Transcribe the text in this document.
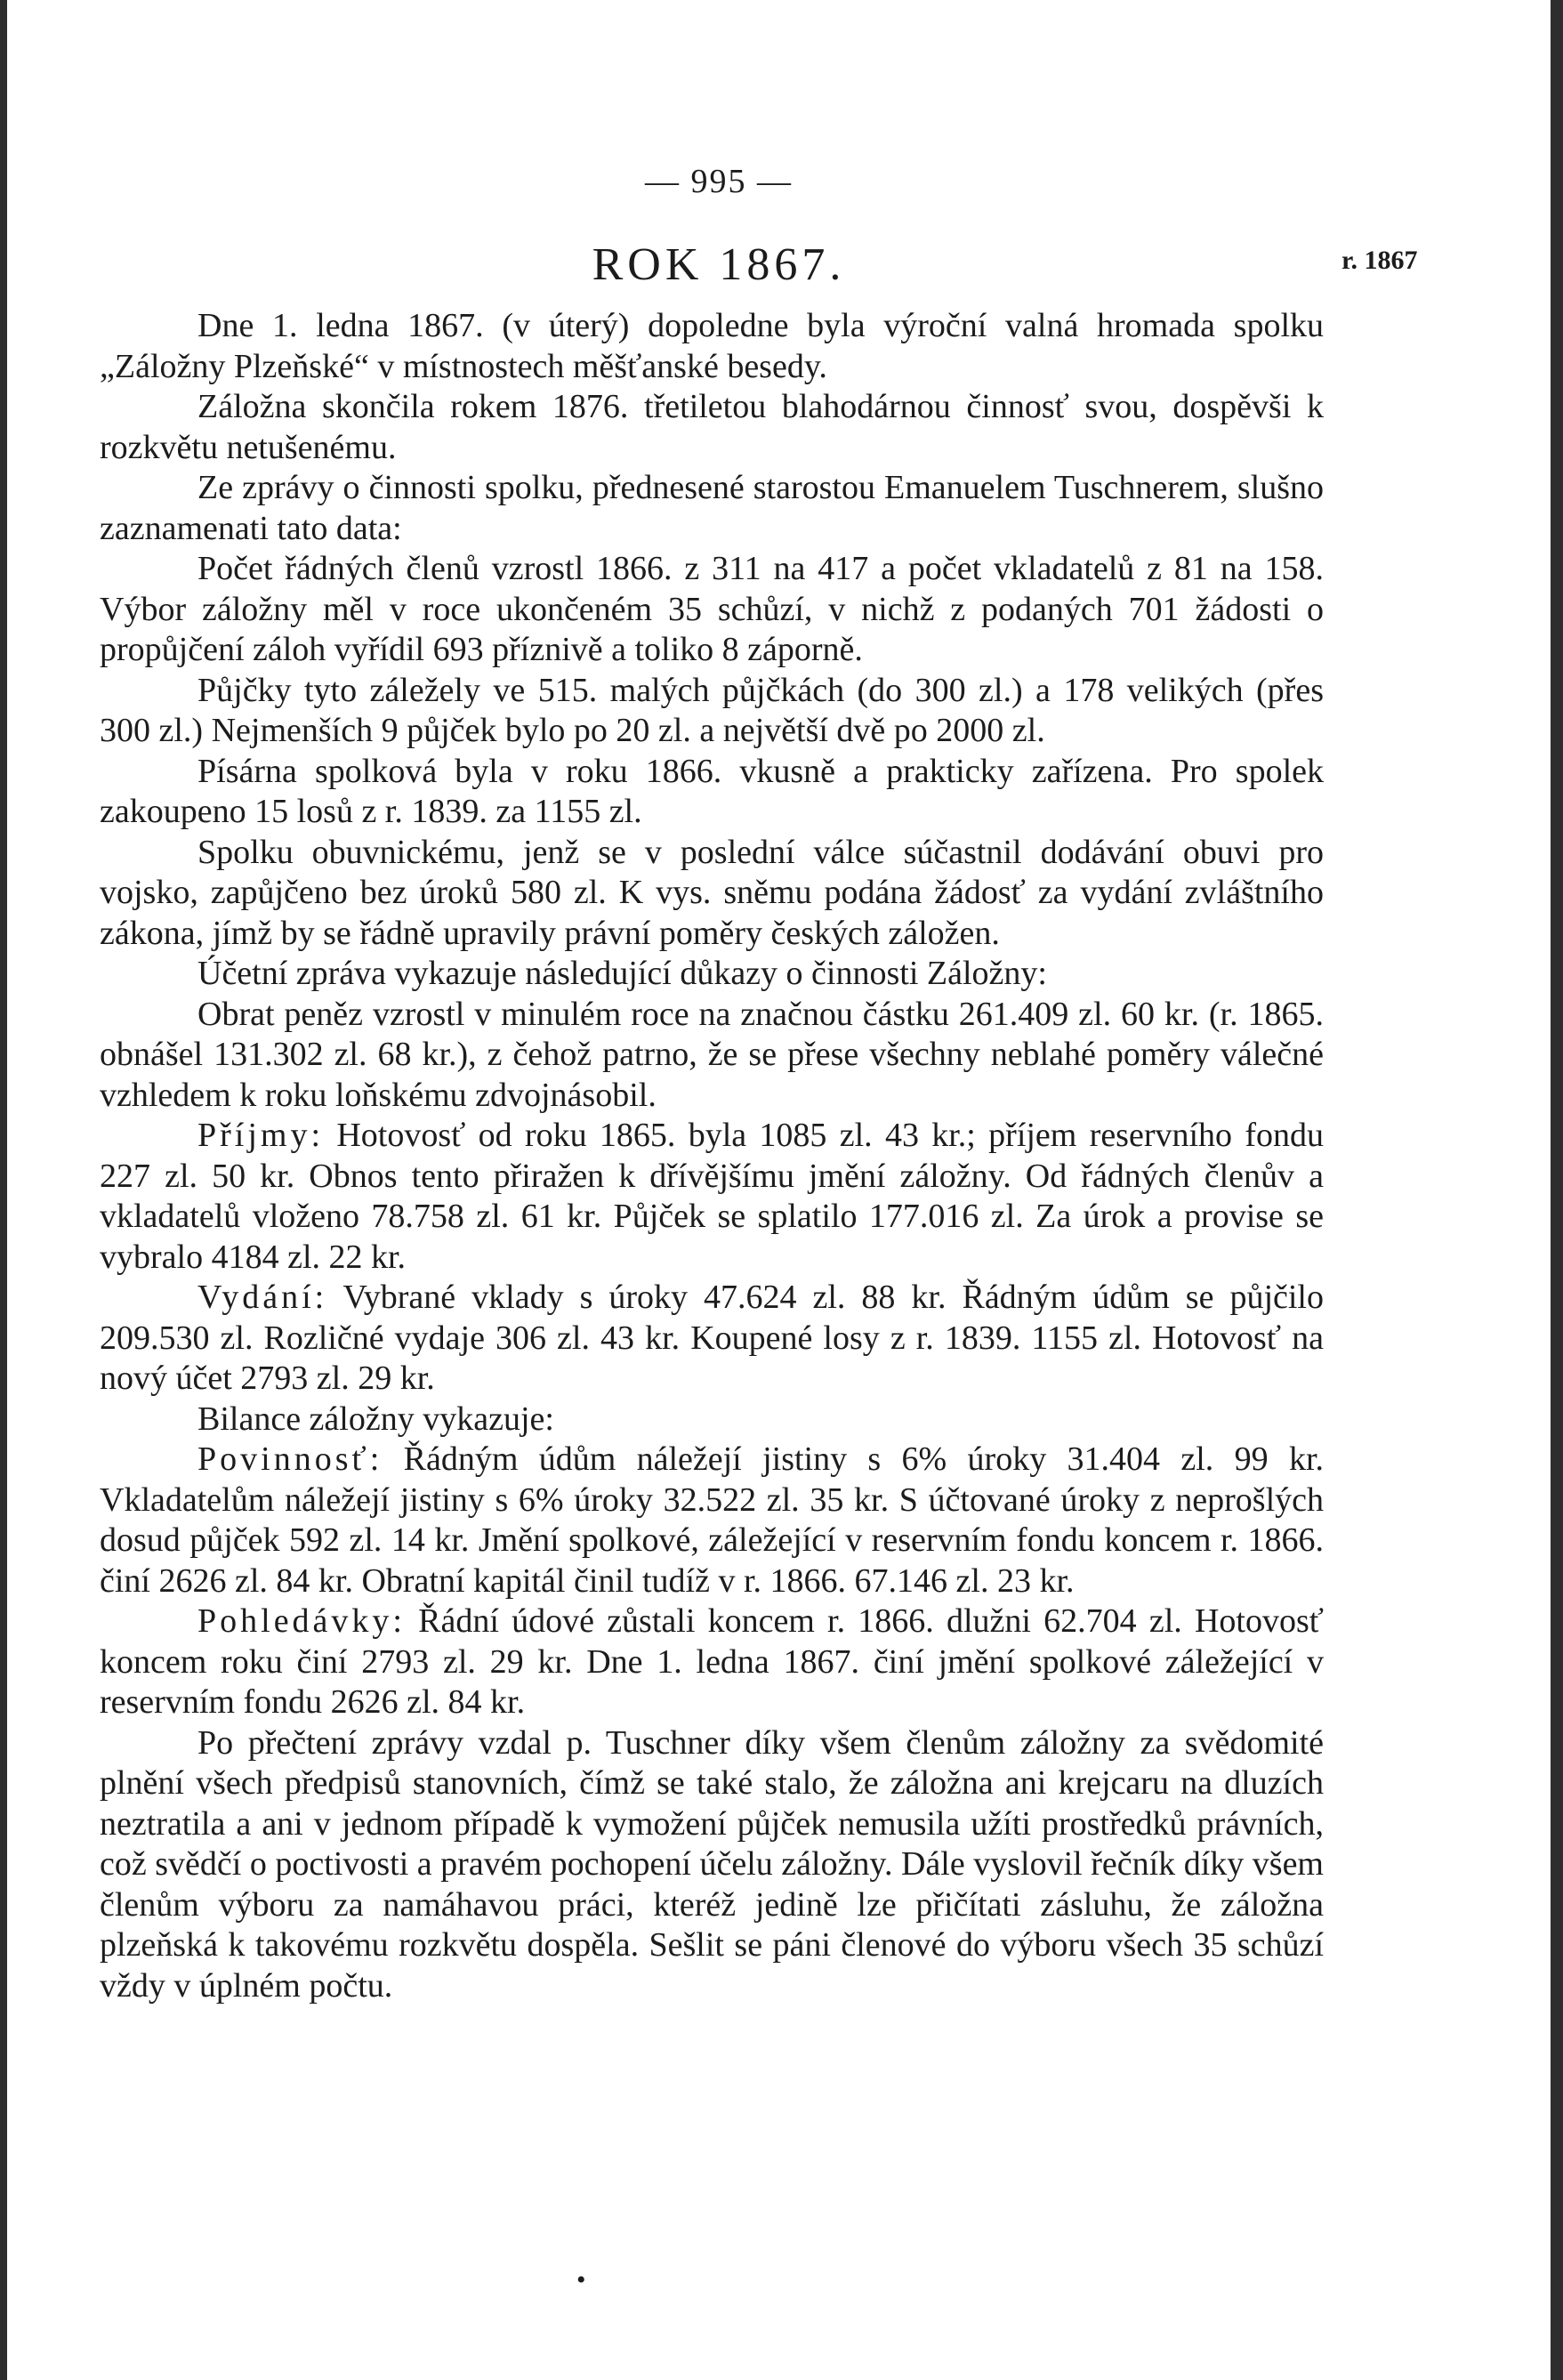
— 995 —
ROK 1867.	r. 1867

Dne 1. ledna 1867. (v úterý) dopoledne byla výroční valná hromada spolku „Záložny Plzeňské“ v místnostech měšťanské besedy.

Záložna skončila rokem 1876. třetiletou blahodárnou činnosť svou, dospěvši k rozkvětu netušenému.

Ze zprávy o činnosti spolku, přednesené starostou Emanuelem Tuschnerem, slušno zaznamenati tato data:

Počet řádných členů vzrostl 1866. z 311 na 417 a počet vkladatelů z 81 na 158. Výbor záložny měl v roce ukončeném 35 schůzí, v nichž z podaných 701 žádosti o propůjčení záloh vyřídil 693 příznivě a toliko 8 záporně.

Půjčky tyto záležely ve 515. malých půjčkách (do 300 zl.) a 178 velikých (přes 300 zl.) Nejmenších 9 půjček bylo po 20 zl. a největší dvě po 2000 zl.

Písárna spolková byla v roku 1866. vkusně a prakticky zařízena. Pro spolek zakoupeno 15 losů z r. 1839. za 1155 zl.

Spolku obuvnickému, jenž se v poslední válce súčastnil dodávání obuvi pro vojsko, zapůjčeno bez úroků 580 zl. K vys. sněmu podána žádosť za vydání zvláštního zákona, jímž by se řádně upravily právní poměry českých záložen.

Účetní zpráva vykazuje následující důkazy o činnosti Záložny:

Obrat peněz vzrostl v minulém roce na značnou částku 261.409 zl. 60 kr. (r. 1865. obnášel 131.302 zl. 68 kr.), z čehož patrno, že se přese všechny neblahé poměry válečné vzhledem k roku loňskému zdvojnásobil.

Příjmy: Hotovosť od roku 1865. byla 1085 zl. 43 kr.; příjem reservního fondu 227 zl. 50 kr. Obnos tento přiražen k dřívějšímu jmění záložny. Od řádných členův a vkladatelů vloženo 78.758 zl. 61 kr. Půjček se splatilo 177.016 zl. Za úrok a provise se vybralo 4184 zl. 22 kr.

Vydání: Vybrané vklady s úroky 47.624 zl. 88 kr. Řádným údům se půjčilo 209.530 zl. Rozličné vydaje 306 zl. 43 kr. Koupené losy z r. 1839. 1155 zl. Hotovosť na nový účet 2793 zl. 29 kr.

Bilance záložny vykazuje:

Povinnosť: Řádným údům náležejí jistiny s 6% úroky 31.404 zl. 99 kr. Vkladatelům náležejí jistiny s 6% úroky 32.522 zl. 35 kr. S účtované úroky z neprošlých dosud půjček 592 zl. 14 kr. Jmění spolkové, záležející v reservním fondu koncem r. 1866. činí 2626 zl. 84 kr. Obratní kapitál činil tudíž v r. 1866. 67.146 zl. 23 kr.

Pohledávky: Řádní údové zůstali koncem r. 1866. dlužni 62.704 zl. Hotovosť koncem roku činí 2793 zl. 29 kr. Dne 1. ledna 1867. činí jmění spolkové záležející v reservním fondu 2626 zl. 84 kr.

Po přečtení zprávy vzdal p. Tuschner díky všem členům záložny za svědomité plnění všech předpisů stanovních, čímž se také stalo, že záložna ani krejcaru na dluzích neztratila a ani v jednom případě k vymožení půjček nemusila užíti prostředků právních, což svědčí o poctivosti a pravém pochopení účelu záložny. Dále vyslovil řečník díky všem členům výboru za namáhavou práci, kteréž jedině lze přičítati zásluhu, že záložna plzeňská k takovému rozkvětu dospěla. Sešlit se páni členové do výboru všech 35 schůzí vždy v úplném počtu.

•
